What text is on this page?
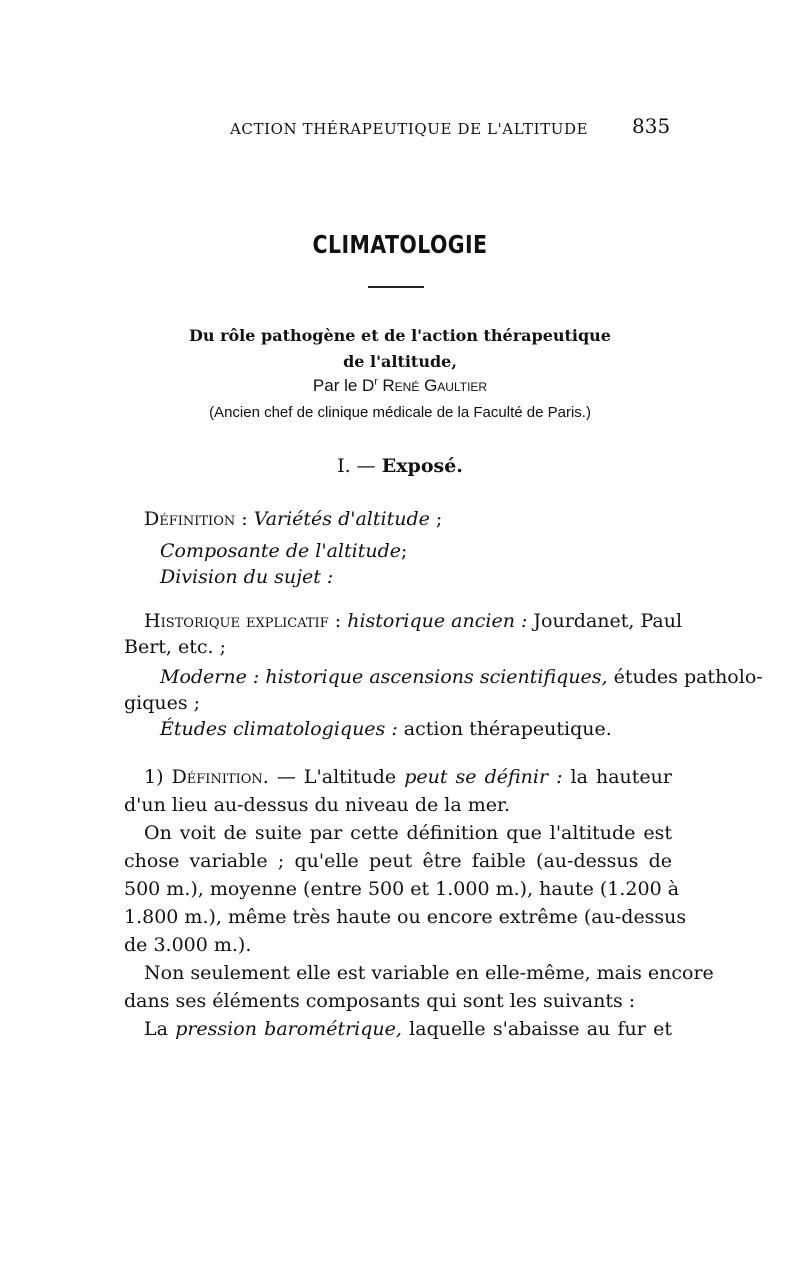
ACTION THÉRAPEUTIQUE DE L'ALTITUDE 835
CLIMATOLOGIE
Du rôle pathogène et de l'action thérapeutique
de l'altitude,
Par le $D^r$ René Gaultier
(Ancien chef de clinique médicale de la Faculté de Paris.)
I. — Exposé.
Définition : Variétés d'altitude ;
Composante de l'altitude;
Division du sujet :
Historique explicatif : historique ancien : Jourdanet, Paul
Bert, etc. ;
Moderne : historique ascensions scientifiques, études patholo-
giques ;
Études climatologiques : action thérapeutique.
1) Définition. — L'altitude peut se définir : la hauteur
d'un lieu au-dessus du niveau de la mer.
On voit de suite par cette définition que l'altitude est
chose variable ; qu'elle peut être faible (au-dessus de
500 m.), moyenne (entre 500 et 1.000 m.), haute (1.200 à
1.800 m.), même très haute ou encore extrême (au-dessus
de 3.000 m.).
Non seulement elle est variable en elle-même, mais encore
dans ses éléments composants qui sont les suivants :
La pression barométrique, laquelle s'abaisse au fur et
